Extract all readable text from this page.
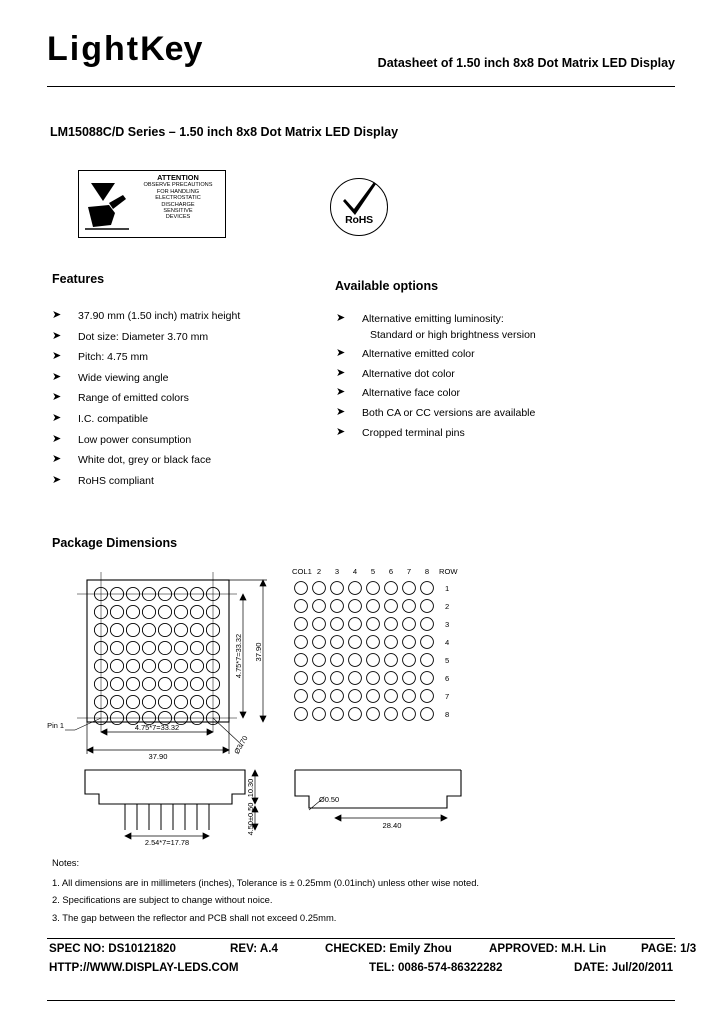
LightKey	Datasheet of 1.50 inch 8x8 Dot Matrix LED Display
LM15088C/D Series – 1.50 inch 8x8 Dot Matrix LED Display
ATTENTION
OBSERVE PRECAUTIONS
FOR HANDLING
ELECTROSTATIC
DISCHARGE
SENSITIVE
DEVICES	RoHS
Features
➤ 37.90 mm (1.50 inch) matrix height
➤ Dot size: Diameter 3.70 mm
➤ Pitch: 4.75 mm
➤ Wide viewing angle
➤ Range of emitted colors
➤ I.C. compatible
➤ Low power consumption
➤ White dot, grey or black face
➤ RoHS compliant
Available options
➤ Alternative emitting luminosity:
Standard or high brightness version
➤ Alternative emitted color
➤ Alternative dot color
➤ Alternative face color
➤ Both CA or CC versions are available
➤ Cropped terminal pins
Package Dimensions
4.75*7=33.32
37.90
4.75*7=33.32 37.90
Ø3.70
Pin 1
COL1 2 3 4 5 6 7 8 ROW
1
2
3
4
5
6
7
8
2.54*7=17.78
10.30
4.50±0.50	28.40
Ø0.50
Notes:
1. All dimensions are in millimeters (inches), Tolerance is ± 0.25mm (0.01inch) unless other wise noted.
2. Specifications are subject to change without noice.
3. The gap between the reflector and PCB shall not exceed 0.25mm.
SPEC NO: DS10121820	REV: A.4	CHECKED: Emily Zhou	APPROVED: M.H. Lin	PAGE: 1/3
HTTP://WWW.DISPLAY-LEDS.COM	TEL: 0086-574-86322282	DATE: Jul/20/2011
